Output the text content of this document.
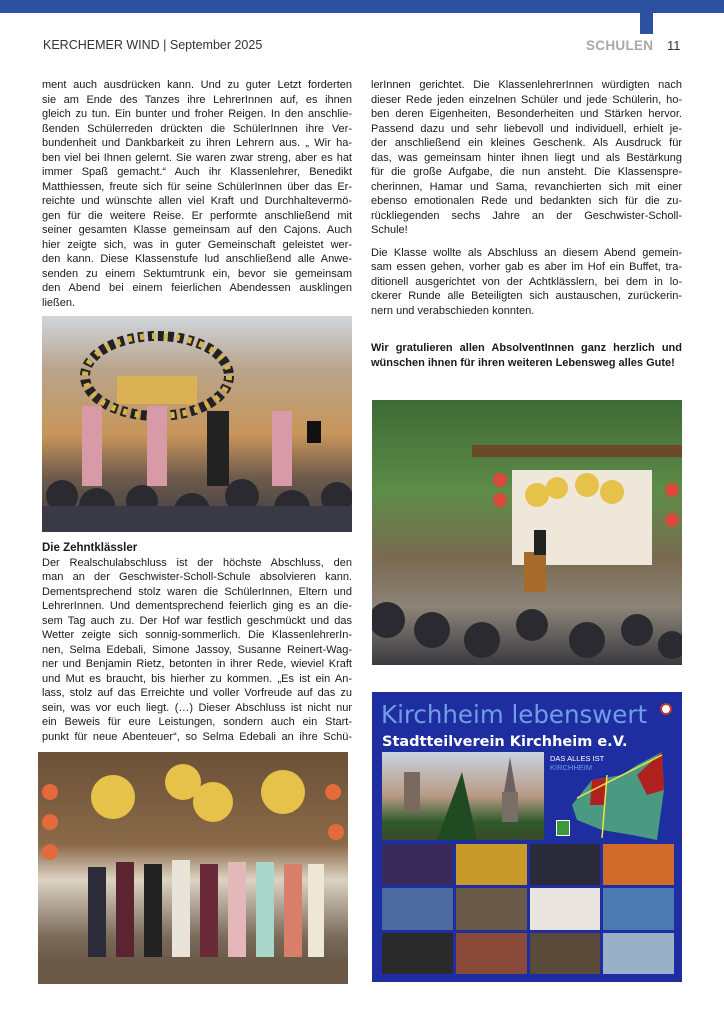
KERCHEMER WIND | September 2025	SCHULEN 11
ment auch ausdrücken kann. Und zu guter Letzt forderten
sie am Ende des Tanzes ihre LehrerInnen auf, es ihnen
gleich zu tun. Ein bunter und froher Reigen. In den anschlie-
ßenden Schülerreden drückten die SchülerInnen ihre Ver-
bundenheit und Dankbarkeit zu ihren Lehrern aus. „ Wir ha-
ben viel bei Ihnen gelernt. Sie waren zwar streng, aber es hat
immer Spaß gemacht.“ Auch ihr Klassenlehrer, Benedikt
Matthiessen, freute sich für seine SchülerInnen über das Er-
reichte und wünschte allen viel Kraft und Durchhaltevermö-
gen für die weitere Reise. Er performte anschließend mit
seiner gesamten Klasse gemeinsam auf den Cajons. Auch
hier zeigte sich, was in guter Gemeinschaft geleistet wer-
den kann. Diese Klassenstufe lud anschließend alle Anwe-
senden zu einem Sektumtrunk ein, bevor sie gemeinsam
den Abend bei einem feierlichen Abendessen ausklingen
ließen.
Die Zehntklässler
Der Realschulabschluss ist der höchste Abschluss, den
man an der Geschwister-Scholl-Schule absolvieren kann.
Dementsprechend stolz waren die SchülerInnen, Eltern und
LehrerInnen. Und dementsprechend feierlich ging es an die-
sem Tag auch zu. Der Hof war festlich geschmückt und das
Wetter zeigte sich sonnig-sommerlich. Die KlassenlehrerIn-
nen, Selma Edebali, Simone Jassoy, Susanne Reinert-Wag-
ner und Benjamin Rietz, betonten in ihrer Rede, wieviel Kraft
und Mut es braucht, bis hierher zu kommen. „Es ist ein An-
lass, stolz auf das Erreichte und voller Vorfreude auf das zu
sein, was vor euch liegt. (…) Dieser Abschluss ist nicht nur
ein Beweis für eure Leistungen, sondern auch ein Start-
punkt für neue Abenteuer“, so Selma Edebali an ihre Schü-

lerInnen gerichtet. Die KlassenlehrerInnen würdigten nach
dieser Rede jeden einzelnen Schüler und jede Schülerin, ho-
ben deren Eigenheiten, Besonderheiten und Stärken hervor.
Passend dazu und sehr liebevoll und individuell, erhielt je-
der anschließend ein kleines Geschenk. Als Ausdruck für
das, was gemeinsam hinter ihnen liegt und als Bestärkung
für die große Aufgabe, die nun ansteht. Die Klassenspre-
cherinnen, Hamar und Sama, revanchierten sich mit einer
ebenso emotionalen Rede und bedankten sich für die zu-
rückliegenden sechs Jahre an der Geschwister-Scholl-
Schule!

Die Klasse wollte als Abschluss an diesem Abend gemein-
sam essen gehen, vorher gab es aber im Hof ein Buffet, tra-
ditionell ausgerichtet von der Achtklässlern, bei dem in lo-
ckerer Runde alle Beteiligten sich austauschen, zurückerin-
nern und verabschieden konnten.

Wir gratulieren allen AbsolventInnen ganz herzlich und
wünschen ihnen für ihren weiteren Lebensweg alles Gute!
Kirchheim lebenswert
Stadtteilverein Kirchheim e.V.
DAS ALLES IST
KIRCHHEIM
